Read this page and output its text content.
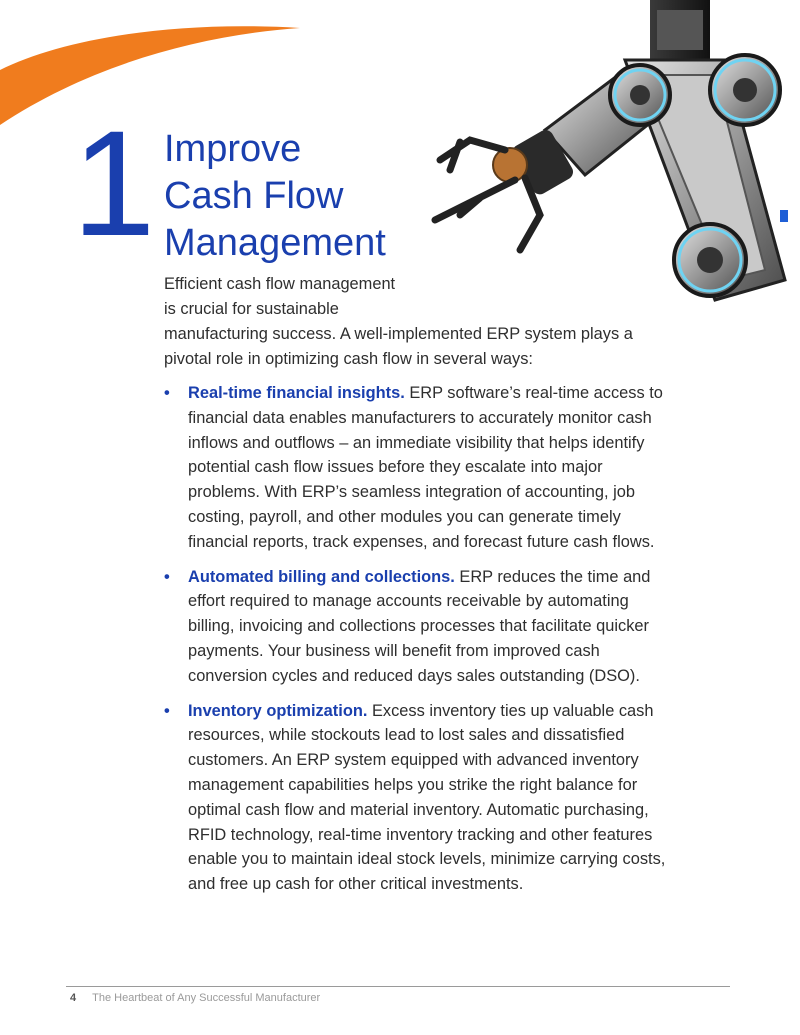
1 Improve
Cash Flow
Management

Efficient cash flow management is crucial for sustainable
manufacturing success. A well-implemented ERP system plays a pivotal role in optimizing cash flow in several ways:

• Real-time financial insights. ERP software’s real-time access to financial data enables manufacturers to accurately monitor cash inflows and outflows – an immediate visibility that helps identify potential cash flow issues before they escalate into major problems. With ERP’s seamless integration of accounting, job costing, payroll, and other modules you can generate timely financial reports, track expenses, and forecast future cash flows.
• Automated billing and collections. ERP reduces the time and effort required to manage accounts receivable by automating billing, invoicing and collections processes that facilitate quicker payments. Your business will benefit from improved cash conversion cycles and reduced days sales outstanding (DSO).
• Inventory optimization. Excess inventory ties up valuable cash resources, while stockouts lead to lost sales and dissatisfied customers. An ERP system equipped with advanced inventory management capabilities helps you strike the right balance for optimal cash flow and material inventory. Automatic purchasing, RFID technology, real-time inventory tracking and other features enable you to maintain ideal stock levels, minimize carrying costs, and free up cash for other critical investments.
4 The Heartbeat of Any Successful Manufacturer
